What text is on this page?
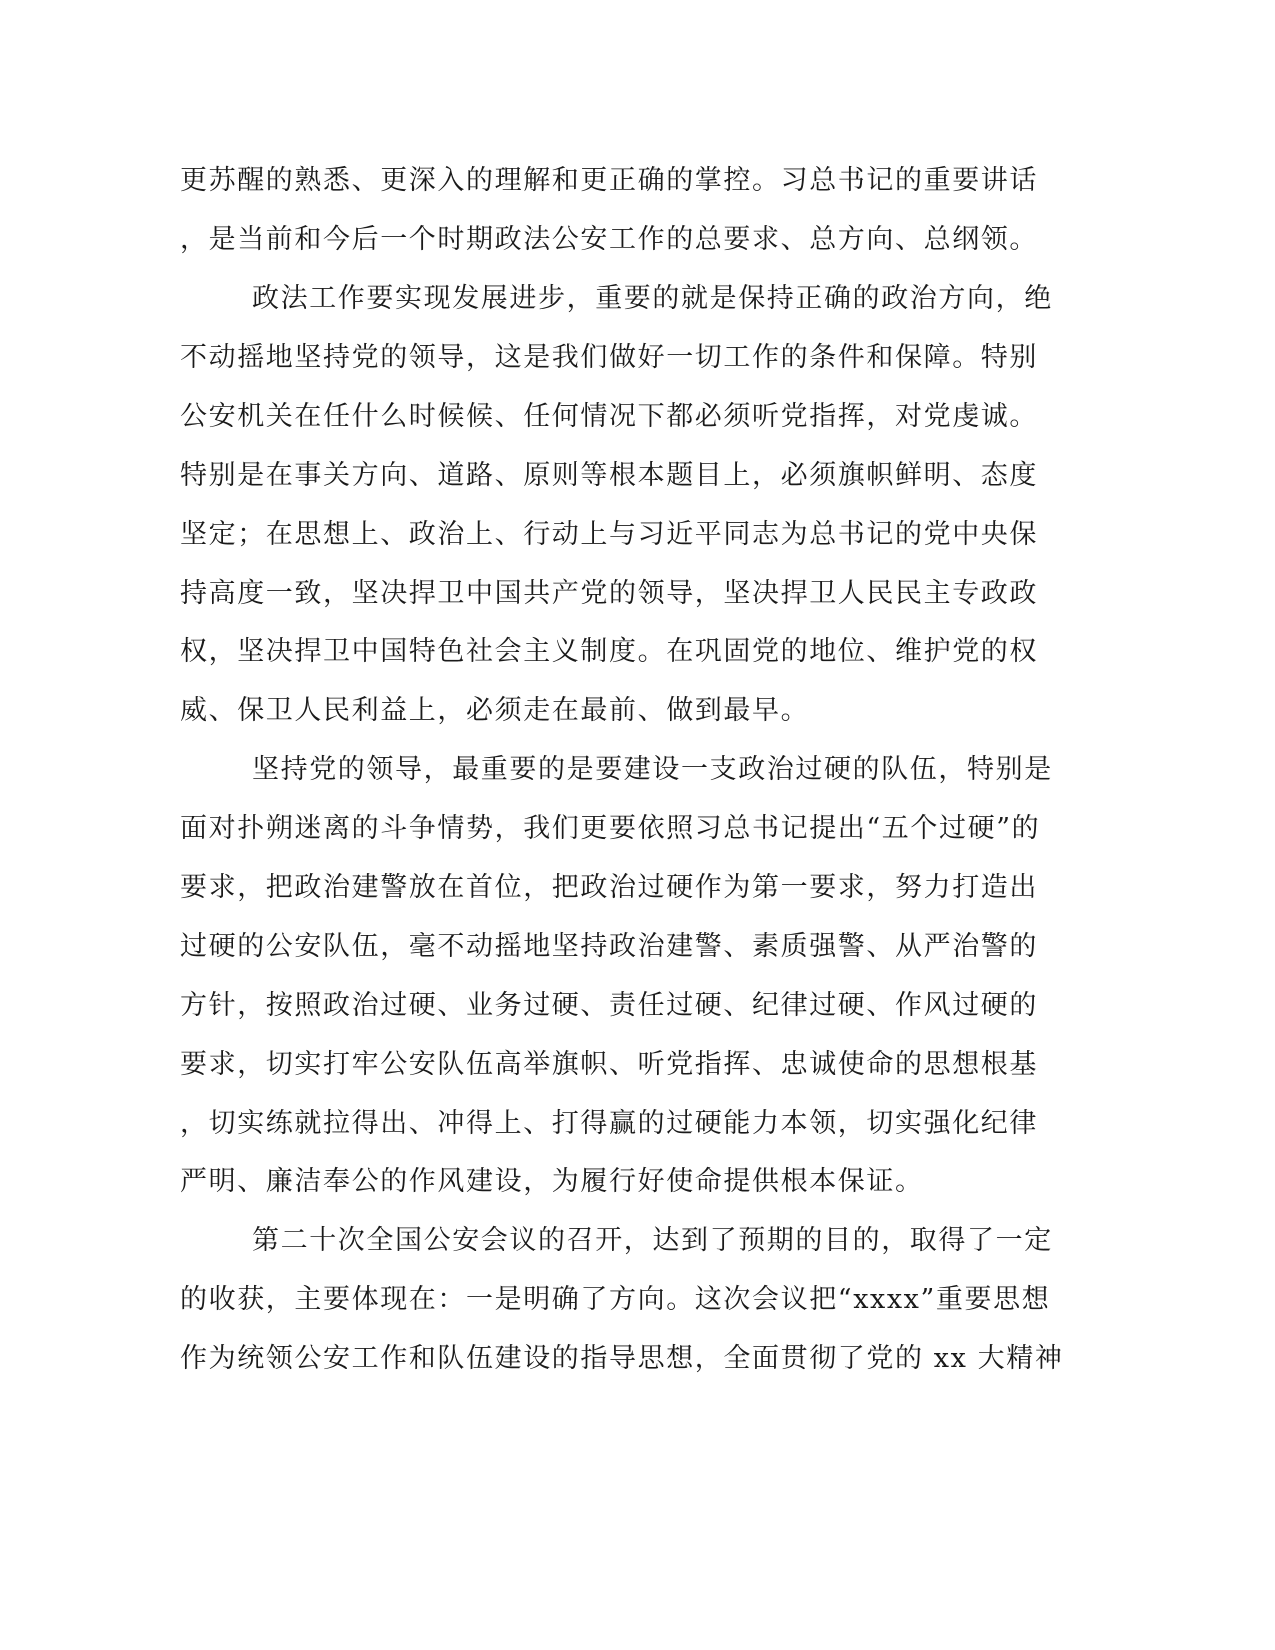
更苏醒的熟悉、更深入的理解和更正确的掌控。习总书记的重要讲话
，是当前和今后一个时期政法公安工作的总要求、总方向、总纲领。
政法工作要实现发展进步，重要的就是保持正确的政治方向，绝
不动摇地坚持党的领导，这是我们做好一切工作的条件和保障。特别
公安机关在任什么时候候、任何情况下都必须听党指挥，对党虔诚。
特别是在事关方向、道路、原则等根本题目上，必须旗帜鲜明、态度
坚定；在思想上、政治上、行动上与习近平同志为总书记的党中央保
持高度一致，坚决捍卫中国共产党的领导，坚决捍卫人民民主专政政
权，坚决捍卫中国特色社会主义制度。在巩固党的地位、维护党的权
威、保卫人民利益上，必须走在最前、做到最早。
坚持党的领导，最重要的是要建设一支政治过硬的队伍，特别是
面对扑朔迷离的斗争情势，我们更要依照习总书记提出“五个过硬”的
要求，把政治建警放在首位，把政治过硬作为第一要求，努力打造出
过硬的公安队伍，毫不动摇地坚持政治建警、素质强警、从严治警的
方针，按照政治过硬、业务过硬、责任过硬、纪律过硬、作风过硬的
要求，切实打牢公安队伍高举旗帜、听党指挥、忠诚使命的思想根基
，切实练就拉得出、冲得上、打得赢的过硬能力本领，切实强化纪律
严明、廉洁奉公的作风建设，为履行好使命提供根本保证。
第二十次全国公安会议的召开，达到了预期的目的，取得了一定
的收获，主要体现在：一是明确了方向。这次会议把“xxxx”重要思想
作为统领公安工作和队伍建设的指导思想，全面贯彻了党的 xx 大精神
